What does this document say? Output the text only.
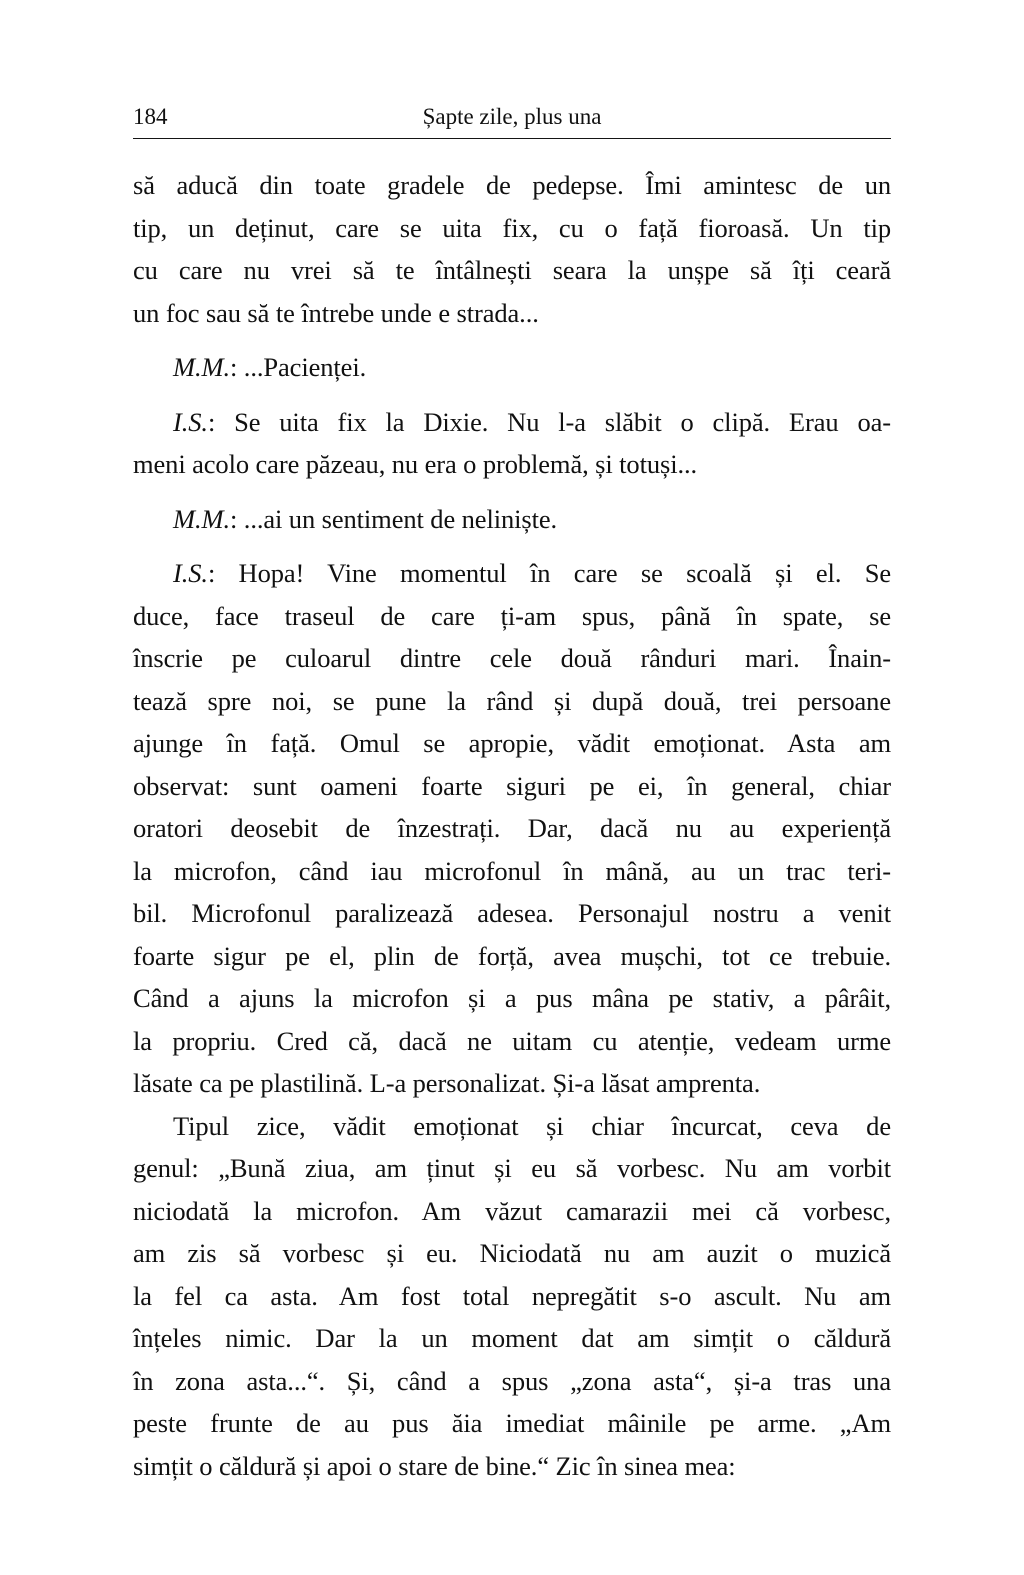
184	Șapte zile, plus una
să aducă din toate gradele de pedepse. Îmi amintesc de un
tip, un deținut, care se uita fix, cu o față fioroasă. Un tip
cu care nu vrei să te întâlnești seara la unșpe să îți ceară
un foc sau să te întrebe unde e strada...
M.M.: ...Pacienței.
I.S.: Se uita fix la Dixie. Nu l-a slăbit o clipă. Erau oa-
meni acolo care păzeau, nu era o problemă, și totuși...
M.M.: ...ai un sentiment de neliniște.
I.S.: Hopa! Vine momentul în care se scoală și el. Se
duce, face traseul de care ți-am spus, până în spate, se
înscrie pe culoarul dintre cele două rânduri mari. Înain-
tează spre noi, se pune la rând și după două, trei persoane
ajunge în față. Omul se apropie, vădit emoționat. Asta am
observat: sunt oameni foarte siguri pe ei, în general, chiar
oratori deosebit de înzestrați. Dar, dacă nu au experiență
la microfon, când iau microfonul în mână, au un trac teri-
bil. Microfonul paralizează adesea. Personajul nostru a venit
foarte sigur pe el, plin de forță, avea mușchi, tot ce trebuie.
Când a ajuns la microfon și a pus mâna pe stativ, a pârâit,
la propriu. Cred că, dacă ne uitam cu atenție, vedeam urme
lăsate ca pe plastilină. L-a personalizat. Și-a lăsat amprenta.
Tipul zice, vădit emoționat și chiar încurcat, ceva de
genul: „Bună ziua, am ținut și eu să vorbesc. Nu am vorbit
niciodată la microfon. Am văzut camarazii mei că vorbesc,
am zis să vorbesc și eu. Niciodată nu am auzit o muzică
la fel ca asta. Am fost total nepregătit s-o ascult. Nu am
înțeles nimic. Dar la un moment dat am simțit o căldură
în zona asta...“. Și, când a spus „zona asta“, și-a tras una
peste frunte de au pus ăia imediat mâinile pe arme. „Am
simțit o căldură și apoi o stare de bine.“ Zic în sinea mea:
